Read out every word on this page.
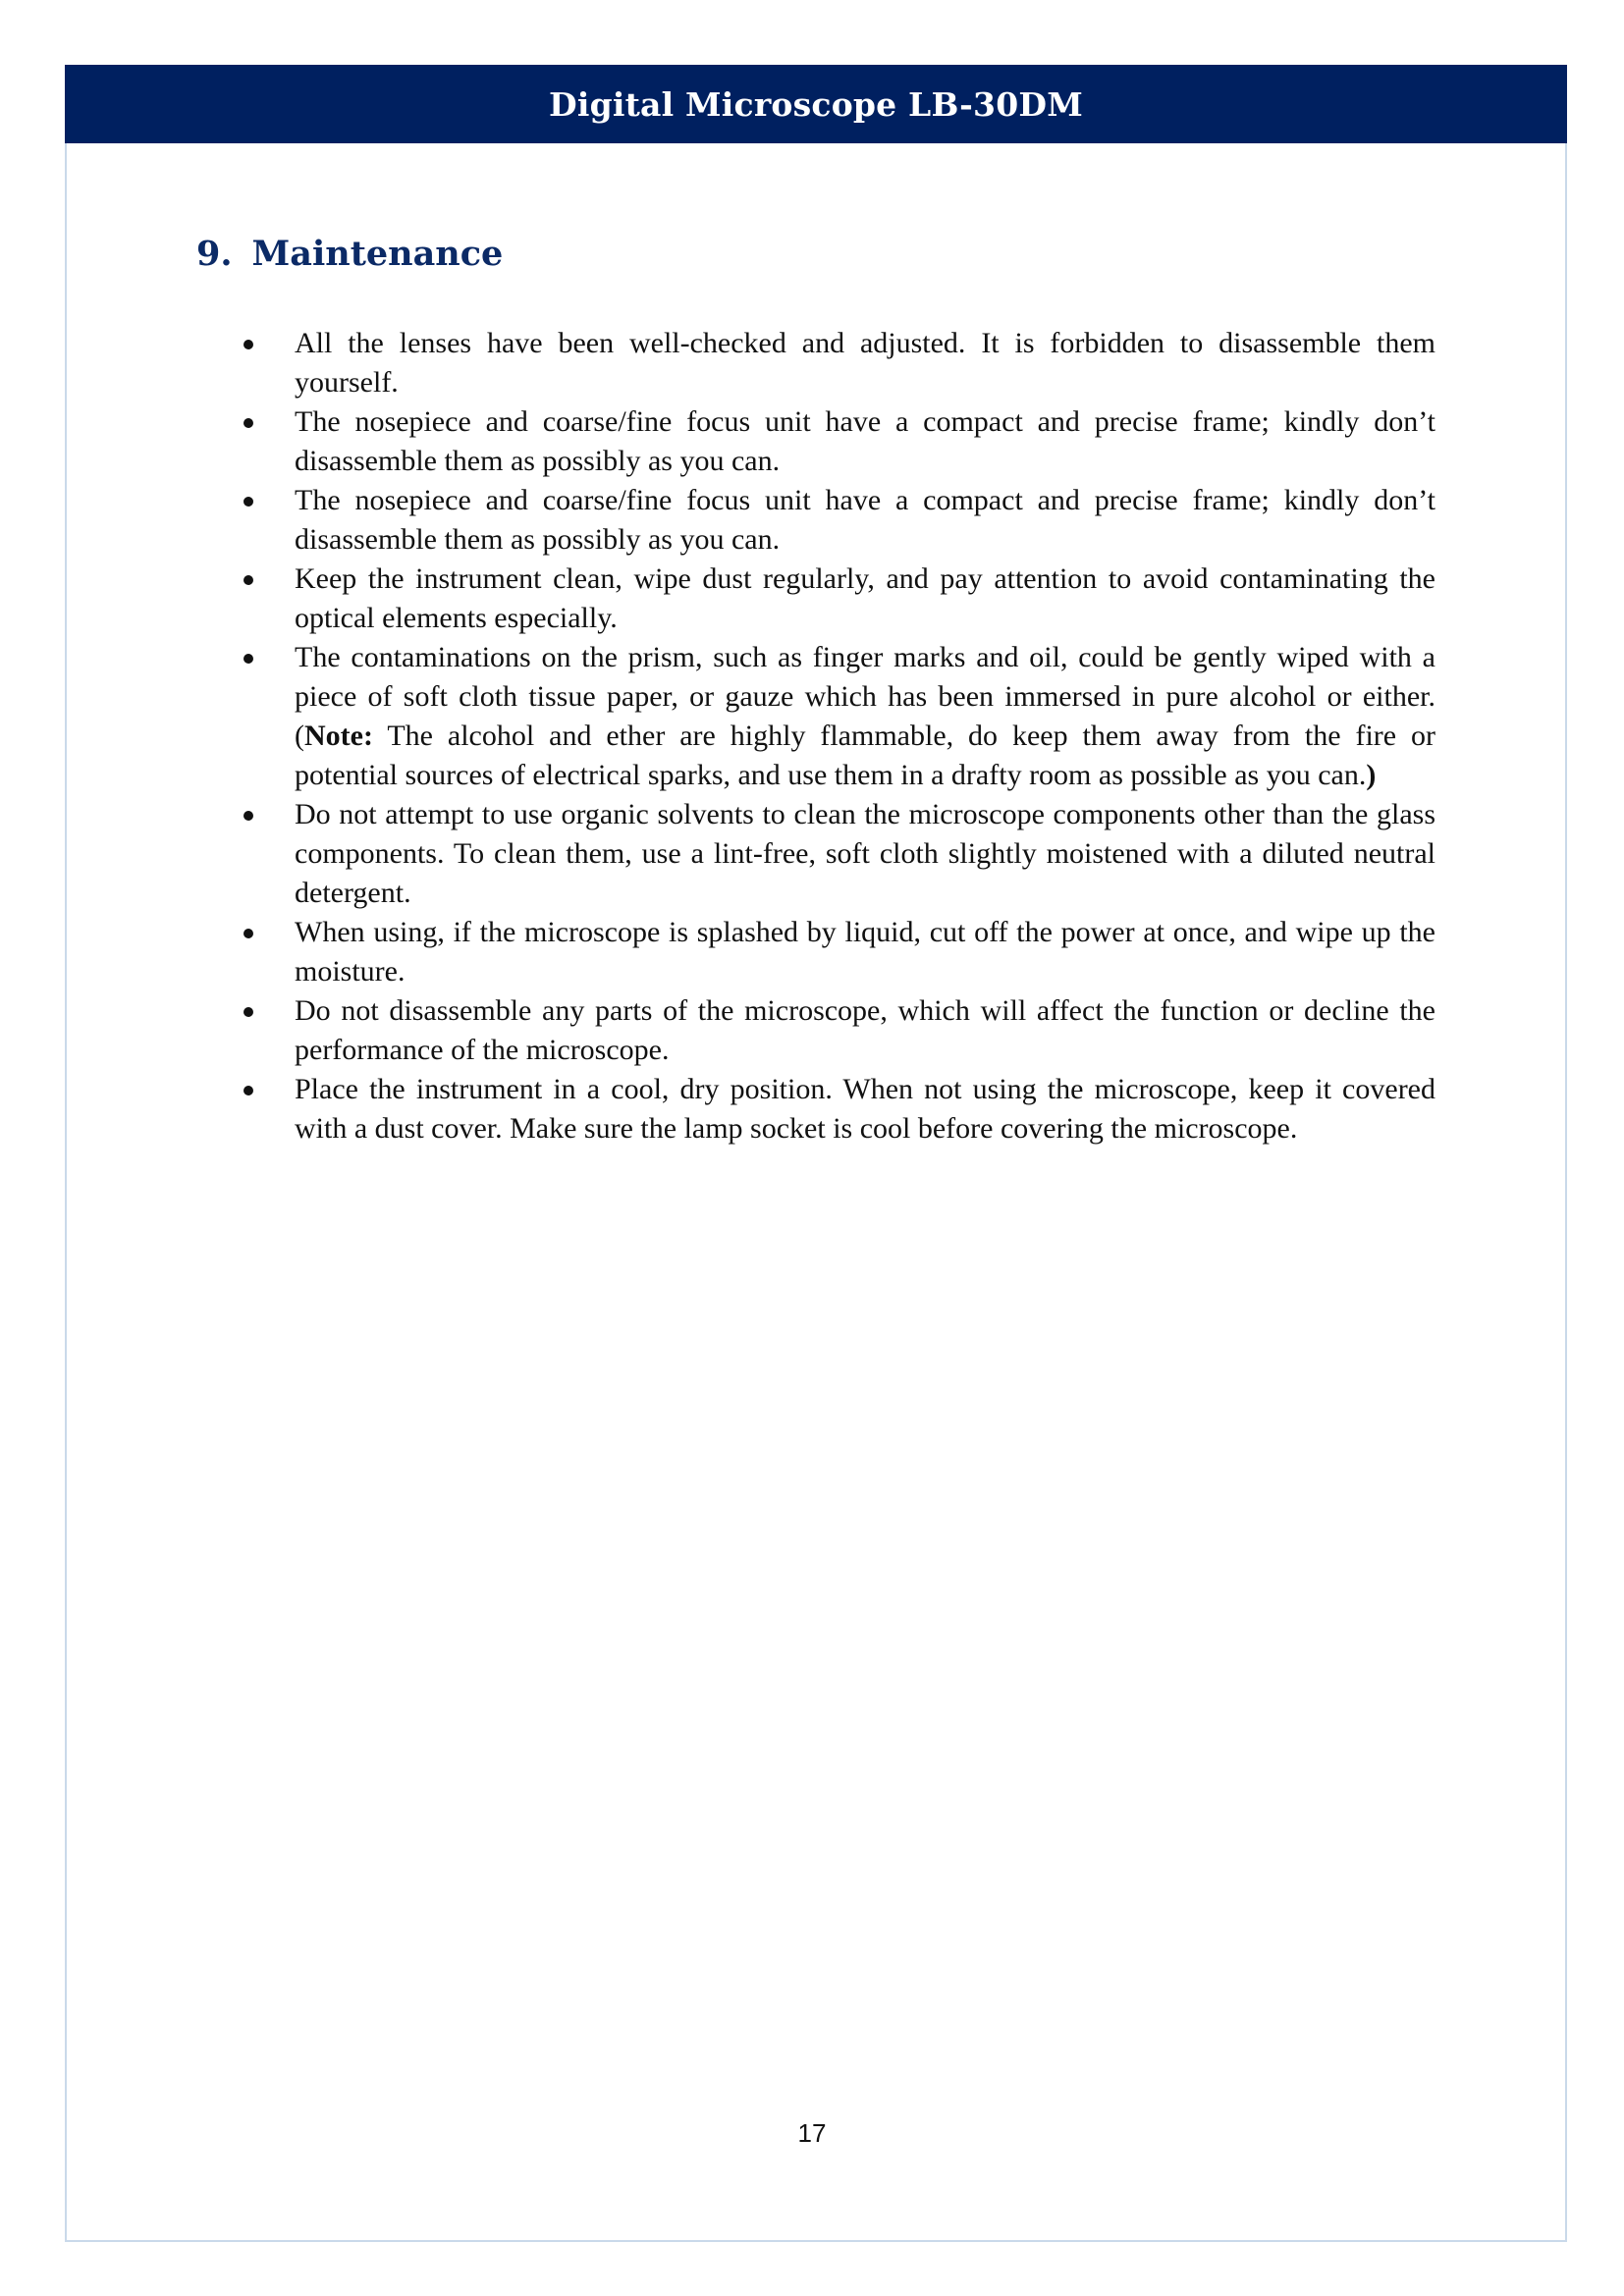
Digital Microscope LB-30DM
9. Maintenance
All the lenses have been well-checked and adjusted. It is forbidden to disassemble them yourself.
The nosepiece and coarse/fine focus unit have a compact and precise frame; kindly don’t disassemble them as possibly as you can.
The nosepiece and coarse/fine focus unit have a compact and precise frame; kindly don’t disassemble them as possibly as you can.
Keep the instrument clean, wipe dust regularly, and pay attention to avoid contaminating the optical elements especially.
The contaminations on the prism, such as finger marks and oil, could be gently wiped with a piece of soft cloth tissue paper, or gauze which has been immersed in pure alcohol or either. (Note: The alcohol and ether are highly flammable, do keep them away from the fire or potential sources of electrical sparks, and use them in a drafty room as possible as you can.)
Do not attempt to use organic solvents to clean the microscope components other than the glass components. To clean them, use a lint-free, soft cloth slightly moistened with a diluted neutral detergent.
When using, if the microscope is splashed by liquid, cut off the power at once, and wipe up the moisture.
Do not disassemble any parts of the microscope, which will affect the function or decline the performance of the microscope.
Place the instrument in a cool, dry position. When not using the microscope, keep it covered with a dust cover. Make sure the lamp socket is cool before covering the microscope.
17
